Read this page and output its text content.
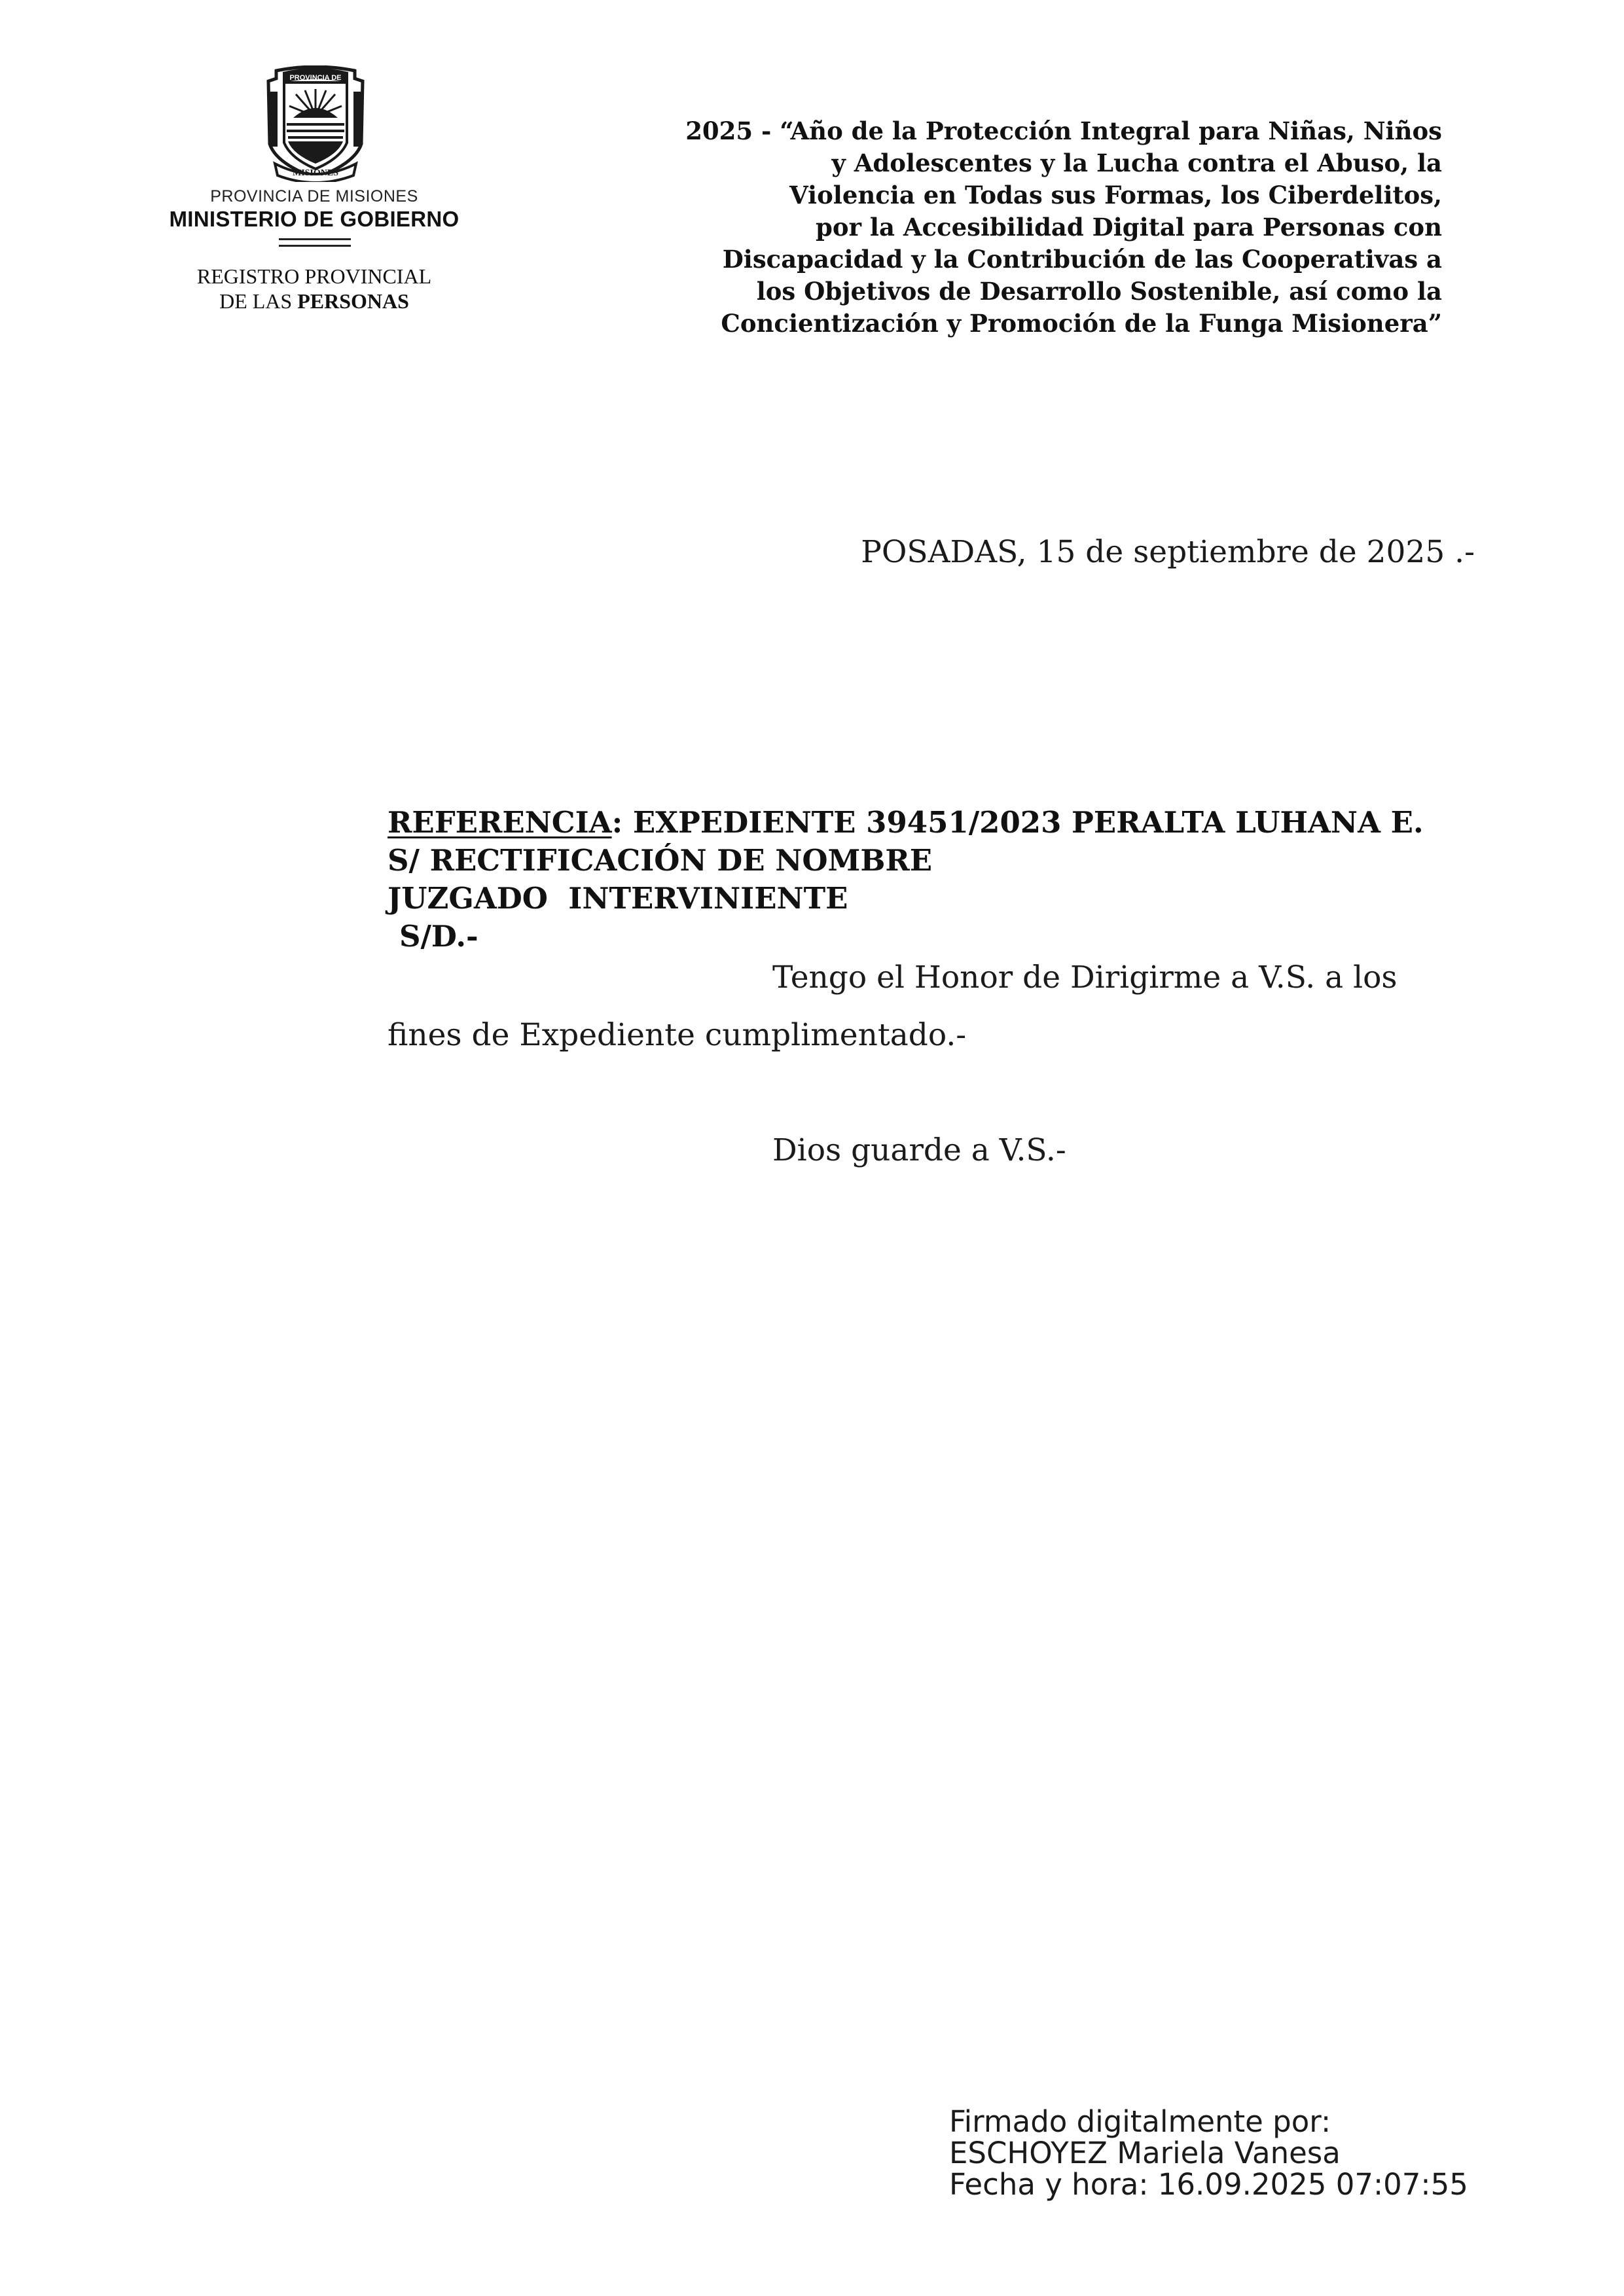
PROVINCIA DE
MISIONES
PROVINCIA DE MISIONES
MINISTERIO DE GOBIERNO
REGISTRO PROVINCIAL
DE LAS PERSONAS
2025 - “Año de la Protección Integral para Niñas, Niños
y Adolescentes y la Lucha contra el Abuso, la
Violencia en Todas sus Formas, los Ciberdelitos,
por la Accesibilidad Digital para Personas con
Discapacidad y la Contribución de las Cooperativas a
los Objetivos de Desarrollo Sostenible, así como la
Concientización y Promoción de la Funga Misionera”
POSADAS, 15 de septiembre de 2025 .-
REFERENCIA: EXPEDIENTE 39451/2023 PERALTA LUHANA E.
S/ RECTIFICACIÓN DE NOMBRE
JUZGADO  INTERVINIENTE
S/D.-
Tengo el Honor de Dirigirme a V.S. a los
fines de Expediente cumplimentado.-
Dios guarde a V.S.-
Firmado digitalmente por:
ESCHOYEZ Mariela Vanesa
Fecha y hora: 16.09.2025 07:07:55
